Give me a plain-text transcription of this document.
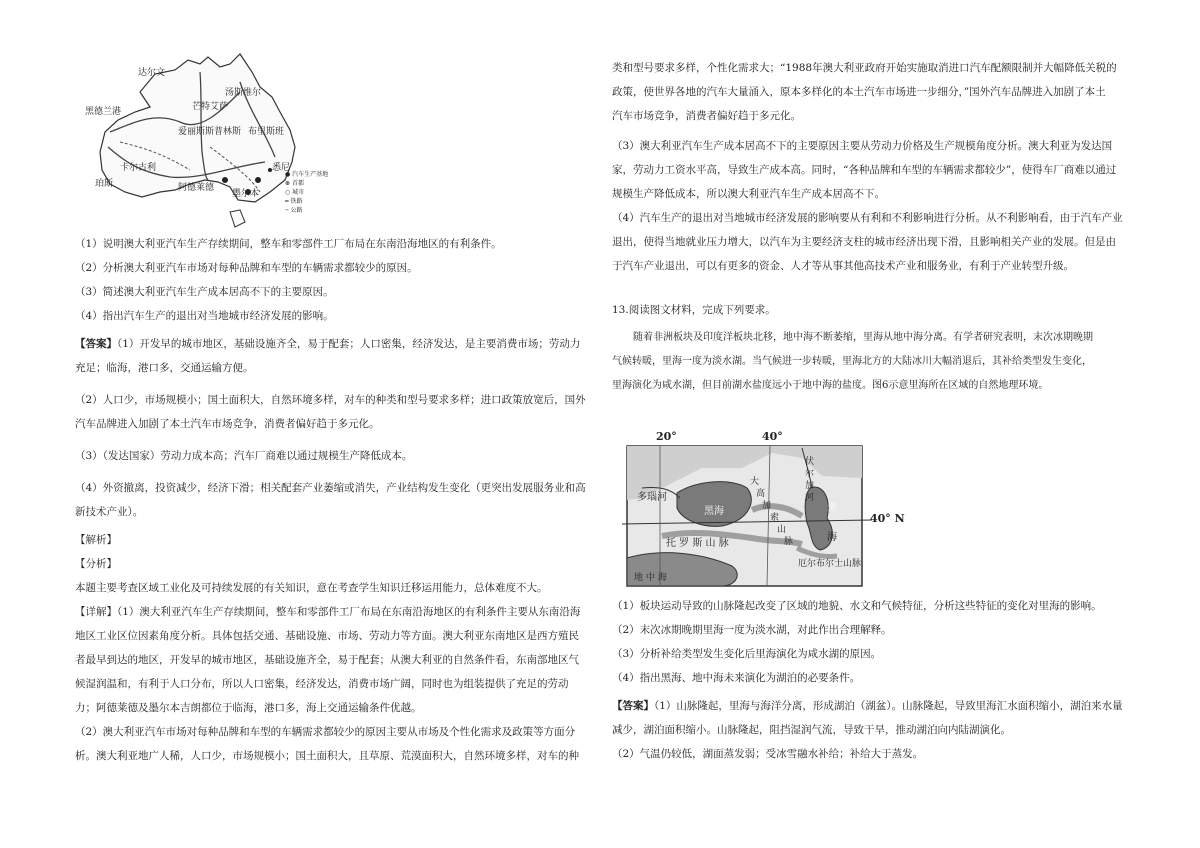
达尔文
黑德兰港	芒特艾萨
汤斯维尔
爱丽斯斯普林斯 布里斯班
珀斯
卡尔古利
阿德莱德
悉尼
墨尔本
● 汽车生产基地
⊛ 首都
○ 城市
━ 铁路
╌ 公路
（1）说明澳大利亚汽车生产存续期间，整车和零部件工厂布局在东南沿海地区的有利条件。
（2）分析澳大利亚汽车市场对每种品牌和车型的车辆需求都较少的原因。
（3）简述澳大利亚汽车生产成本居高不下的主要原因。
（4）指出汽车生产的退出对当地城市经济发展的影响。
【答案】（1）开发早的城市地区，基础设施齐全，易于配套；人口密集，经济发达，是主要消费市场；劳动力
充足；临海，港口多，交通运输方便。
（2）人口少，市场规模小；国土面积大，自然环境多样，对车的种类和型号要求多样；进口政策放宽后，国外
汽车品牌进入加剧了本土汽车市场竞争，消费者偏好趋于多元化。
（3）（发达国家）劳动力成本高；汽车厂商难以通过规模生产降低成本。
（4）外资撤离，投资减少，经济下滑；相关配套产业萎缩或消失，产业结构发生变化（更突出发展服务业和高
新技术产业）。
【解析】
【分析】
本题主要考查区域工业化及可持续发展的有关知识，意在考查学生知识迁移运用能力，总体难度不大。
【详解】（1）澳大利亚汽车生产存续期间，整车和零部件工厂布局在东南沿海地区的有利条件主要从东南沿海
地区工业区位因素角度分析。具体包括交通、基础设施、市场、劳动力等方面。澳大利亚东南地区是西方殖民
者最早到达的地区，开发早的城市地区，基础设施齐全，易于配套；从澳大利亚的自然条件看，东南部地区气
候湿润温和，有利于人口分布，所以人口密集，经济发达，消费市场广阔，同时也为组装提供了充足的劳动
力；阿德莱德及墨尔本吉朗都位于临海，港口多，海上交通运输条件优越。
（2）澳大利亚汽车市场对每种品牌和车型的车辆需求都较少的原因主要从市场及个性化需求及政策等方面分
析。澳大利亚地广人稀，人口少，市场规模小；国土面积大，且草原、荒漠面积大，自然环境多样，对车的种
类和型号要求多样，个性化需求大；“1988年澳大利亚政府开始实施取消进口汽车配额限制并大幅降低关税的
政策，使世界各地的汽车大量涌入，原本多样化的本土汽车市场进一步细分，”国外汽车品牌进入加剧了本土
汽车市场竞争，消费者偏好趋于多元化。
（3）澳大利亚汽车生产成本居高不下的主要原因主要从劳动力价格及生产规模角度分析。澳大利亚为发达国
家，劳动力工资水平高，导致生产成本高。同时，“各种品牌和车型的车辆需求都较少”，使得车厂商难以通过
规模生产降低成本，所以澳大利亚汽车生产成本居高不下。
（4）汽车生产的退出对当地城市经济发展的影响要从有利和不利影响进行分析。从不利影响看，由于汽车产业
退出，使得当地就业压力增大，以汽车为主要经济支柱的城市经济出现下滑，且影响相关产业的发展。但是由
于汽车产业退出，可以有更多的资金、人才等从事其他高技术产业和服务业，有利于产业转型升级。
13.阅读图文材料，完成下列要求。
随着非洲板块及印度洋板块北移，地中海不断萎缩，里海从地中海分离。有学者研究表明，末次冰期晚期
气候转暖，里海一度为淡水湖。当气候进一步转暖，里海北方的大陆冰川大幅消退后，其补给类型发生变化，
里海演化为咸水湖，但目前湖水盐度远小于地中海的盐度。图6示意里海所在区域的自然地理环境。
20°	40°
40° N
多瑙河
伏
尔
加
河
黑海
大
高
加
索
山
脉
里
海
托 罗 斯 山 脉
厄尔布尔士山脉
地 中 海
（1）板块运动导致的山脉隆起改变了区域的地貌、水文和气候特征，分析这些特征的变化对里海的影响。
（2）末次冰期晚期里海一度为淡水湖，对此作出合理解释。
（3）分析补给类型发生变化后里海演化为咸水湖的原因。
（4）指出黑海、地中海未来演化为湖泊的必要条件。
【答案】（1）山脉隆起，里海与海洋分离，形成湖泊（湖盆）。山脉隆起，导致里海汇水面积缩小，湖泊来水量
减少，湖泊面积缩小。山脉隆起，阻挡湿润气流，导致干旱，推动湖泊向内陆湖演化。
（2）气温仍较低，湖面蒸发弱；受冰雪融水补给；补给大于蒸发。
